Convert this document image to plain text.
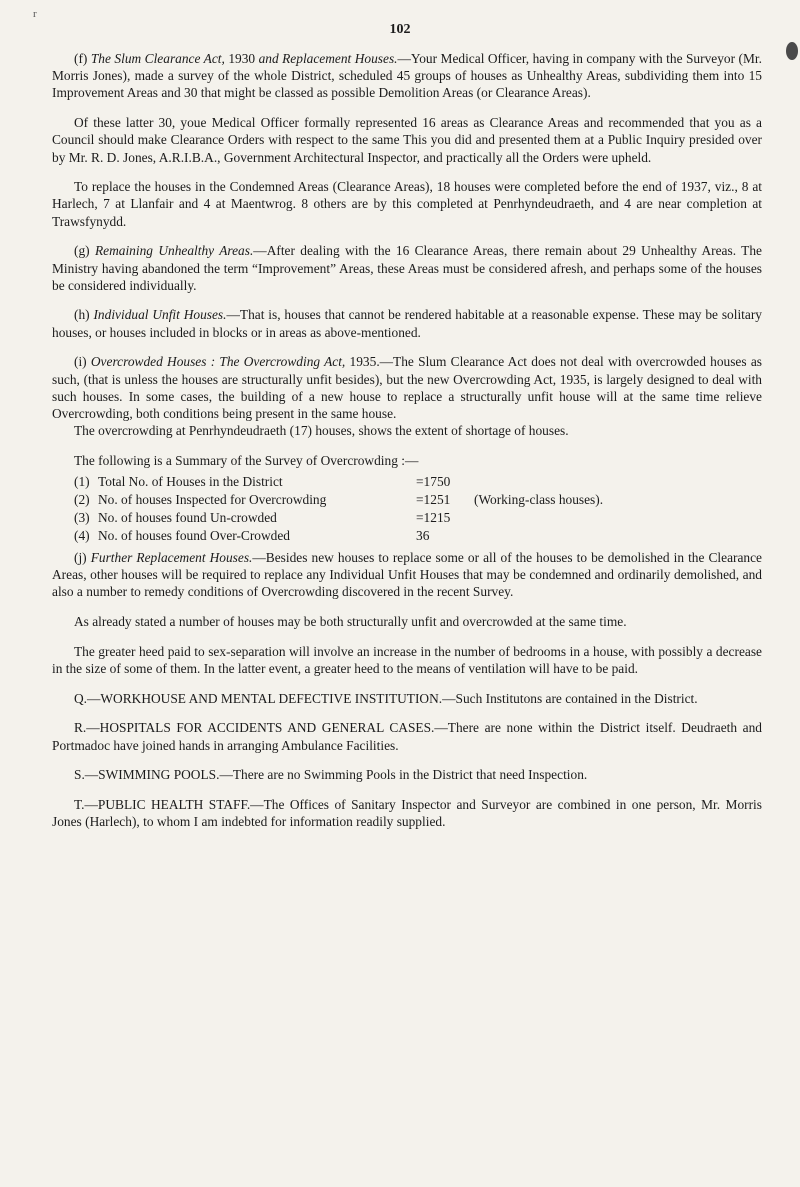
r
102

(f) The Slum Clearance Act, 1930 and Replacement Houses.—Your Medical Officer, having in company with the Surveyor (Mr. Morris Jones), made a survey of the whole District, scheduled 45 groups of houses as Unhealthy Areas, subdividing them into 15 Improvement Areas and 30 that might be classed as possible Demolition Areas (or Clearance Areas).

Of these latter 30, youe Medical Officer formally represented 16 areas as Clearance Areas and recommended that you as a Council should make Clearance Orders with respect to the same This you did and presented them at a Public Inquiry presided over by Mr. R. D. Jones, A.R.I.B.A., Government Architectural Inspector, and practically all the Orders were upheld.

To replace the houses in the Condemned Areas (Clearance Areas), 18 houses were completed before the end of 1937, viz., 8 at Harlech, 7 at Llanfair and 4 at Maentwrog. 8 others are by this completed at Penrhyndeudraeth, and 4 are near completion at Trawsfynydd.

(g) Remaining Unhealthy Areas.—After dealing with the 16 Clearance Areas, there remain about 29 Unhealthy Areas. The Ministry having abandoned the term “Improvement” Areas, these Areas must be considered afresh, and perhaps some of the houses be considered individually.

(h) Individual Unfit Houses.—That is, houses that cannot be rendered habitable at a reasonable expense. These may be solitary houses, or houses included in blocks or in areas as above-mentioned.

(i) Overcrowded Houses : The Overcrowding Act, 1935.—The Slum Clearance Act does not deal with overcrowded houses as such, (that is unless the houses are structurally unfit besides), but the new Overcrowding Act, 1935, is largely designed to deal with such houses. In some cases, the building of a new house to replace a structurally unfit house will at the same time relieve Overcrowding, both conditions being present in the same house.

The overcrowding at Penrhyndeudraeth (17) houses, shows the extent of shortage of houses.

The following is a Summary of the Survey of Overcrowding :—

(1) Total No. of Houses in the District	=1750
(2) No. of houses Inspected for Overcrowding	=1251	(Working-class houses).
(3) No. of houses found Un-crowded	=1215
(4) No. of houses found Over-Crowded	36

(j) Further Replacement Houses.—Besides new houses to replace some or all of the houses to be demolished in the Clearance Areas, other houses will be required to replace any Individual Unfit Houses that may be condemned and ordinarily demolished, and also a number to remedy conditions of Overcrowding discovered in the recent Survey.

As already stated a number of houses may be both structurally unfit and overcrowded at the same time.

The greater heed paid to sex-separation will involve an increase in the number of bedrooms in a house, with possibly a decrease in the size of some of them. In the latter event, a greater heed to the means of ventilation will have to be paid.

Q.—WORKHOUSE AND MENTAL DEFECTIVE INSTITUTION.—Such Institutons are contained in the District.

R.—HOSPITALS FOR ACCIDENTS AND GENERAL CASES.—There are none within the District itself. Deudraeth and Portmadoc have joined hands in arranging Ambulance Facilities.

S.—SWIMMING POOLS.—There are no Swimming Pools in the District that need Inspection.

T.—PUBLIC HEALTH STAFF.—The Offices of Sanitary Inspector and Surveyor are combined in one person, Mr. Morris Jones (Harlech), to whom I am indebted for information readily supplied.
